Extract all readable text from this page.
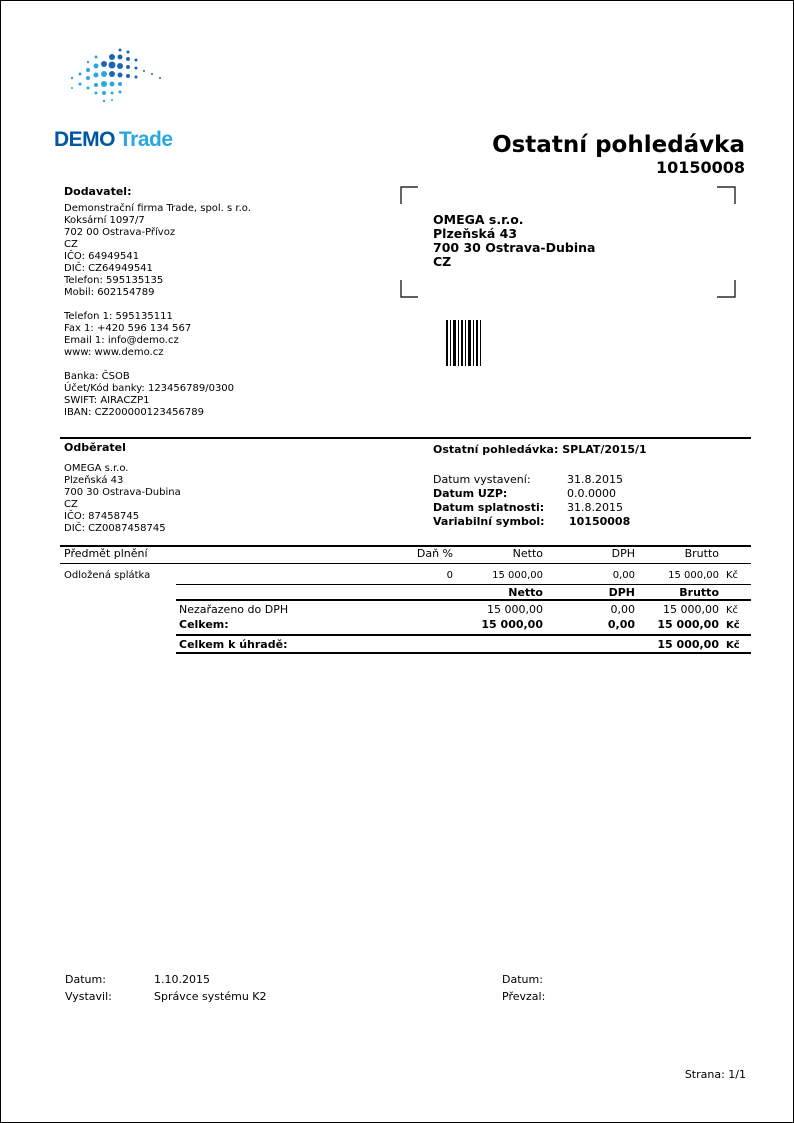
DEMO Trade	Ostatní pohledávka
10150008
Dodavatel:
Demonstrační firma Trade, spol. s r.o.
Koksární 1097/7
702 00 Ostrava-Přívoz
CZ
IČO: 64949541
DIČ: CZ64949541
Telefon: 595135135
Mobil: 602154789
Telefon 1: 595135111
Fax 1: +420 596 134 567
Email 1: info@demo.cz
www: www.demo.cz
Banka: ČSOB
Účet/Kód banky: 123456789/0300
SWIFT: AIRACZP1
IBAN: CZ200000123456789
OMEGA s.r.o.
Plzeňská 43
700 30 Ostrava-Dubina
CZ
Odběratel
OMEGA s.r.o.
Plzeňská 43
700 30 Ostrava-Dubina
CZ
IČO: 87458745
DIČ: CZ0087458745
Ostatní pohledávka: SPLAT/2015/1
Datum vystavení:	31.8.2015
Datum UZP:	0.0.0000
Datum splatnosti: 31.8.2015
Variabilní symbol: 10150008
Předmět plnění	Daň %	Netto	DPH	Brutto
Odložená splátka	0	15 000,00	0,00	15 000,00 Kč
Netto	DPH	Brutto
Nezařazeno do DPH	15 000,00	0,00	15 000,00 Kč
Celkem:	15 000,00	0,00	15 000,00 Kč
Celkem k úhradě:	15 000,00 Kč
Datum:	1.10.2015
Vystavil:	Správce systému K2
Datum:
Převzal:
Strana: 1/1
